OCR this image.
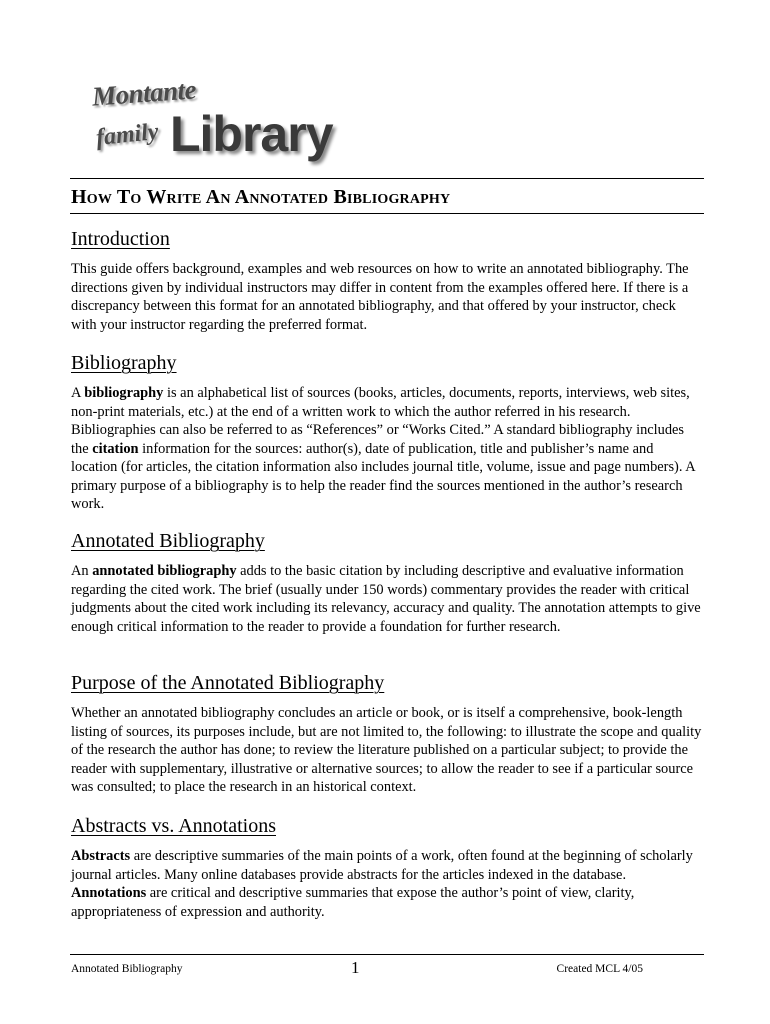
Montante
family Library
How To Write An Annotated Bibliography
Introduction

This guide offers background, examples and web resources on how to write an annotated bibliography. The directions given by individual instructors may differ in content from the examples offered here. If there is a discrepancy between this format for an annotated bibliography, and that offered by your instructor, check with your instructor regarding the preferred format.

Bibliography

A bibliography is an alphabetical list of sources (books, articles, documents, reports, interviews, web sites, non-print materials, etc.) at the end of a written work to which the author referred in his research. Bibliographies can also be referred to as “References” or “Works Cited.” A standard bibliography includes the citation information for the sources: author(s), date of publication, title and publisher’s name and location (for articles, the citation information also includes journal title, volume, issue and page numbers). A primary purpose of a bibliography is to help the reader find the sources mentioned in the author’s research work.

Annotated Bibliography

An annotated bibliography adds to the basic citation by including descriptive and evaluative information regarding the cited work. The brief (usually under 150 words) commentary provides the reader with critical judgments about the cited work including its relevancy, accuracy and quality. The annotation attempts to give enough critical information to the reader to provide a foundation for further research.

Purpose of the Annotated Bibliography

Whether an annotated bibliography concludes an article or book, or is itself a comprehensive, book-length listing of sources, its purposes include, but are not limited to, the following: to illustrate the scope and quality of the research the author has done; to review the literature published on a particular subject; to provide the reader with supplementary, illustrative or alternative sources; to allow the reader to see if a particular source was consulted; to place the research in an historical context.

Abstracts vs. Annotations

Abstracts are descriptive summaries of the main points of a work, often found at the beginning of scholarly journal articles. Many online databases provide abstracts for the articles indexed in the database. Annotations are critical and descriptive summaries that expose the author’s point of view, clarity, appropriateness of expression and authority.

Annotated Bibliography	1	Created MCL 4/05
